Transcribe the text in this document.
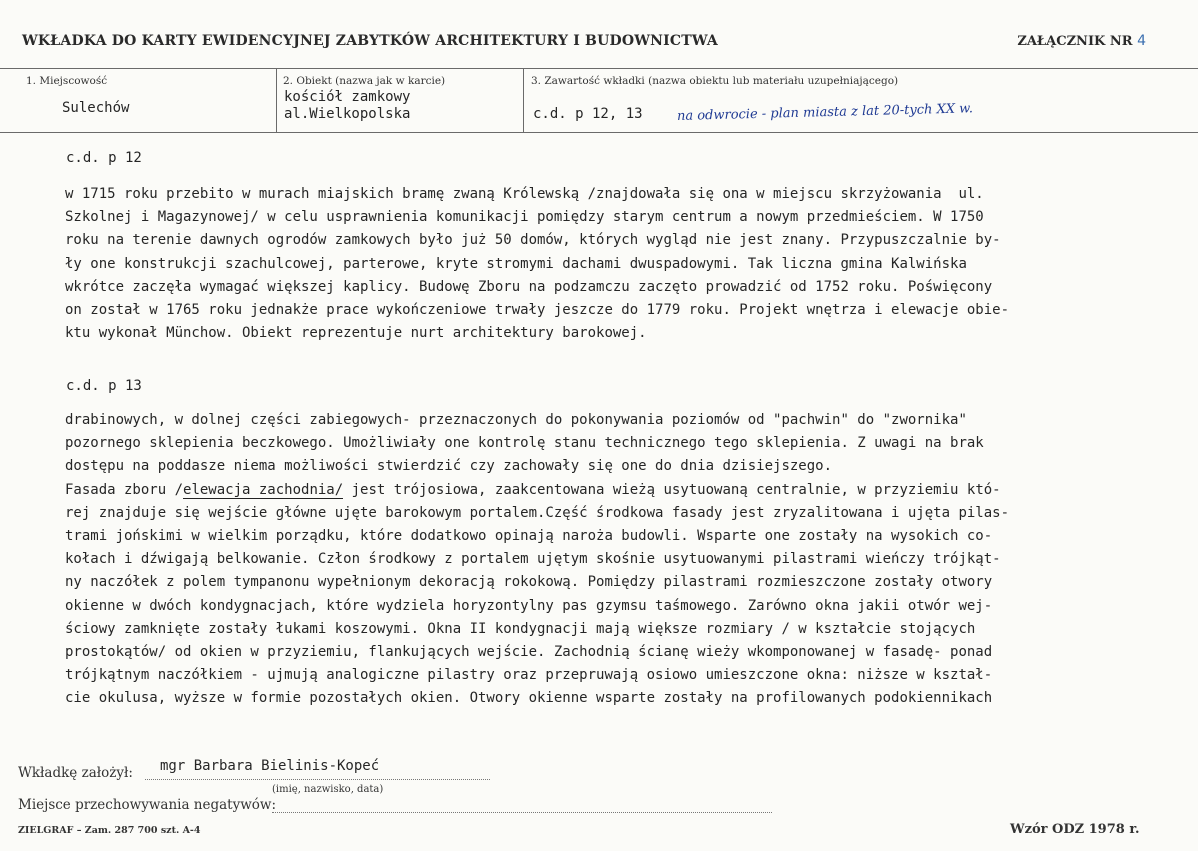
WKŁADKA DO KARTY EWIDENCYJNEJ ZABYTKÓW ARCHITEKTURY I BUDOWNICTWA	ZAŁĄCZNIK NR 4
1. Miejscowość
Sulechów
2. Obiekt (nazwa jak w karcie)
kościół zamkowy
al.Wielkopolska
3. Zawartość wkładki (nazwa obiektu lub materiału uzupełniającego)
c.d. p 12, 13	na odwrocie - plan miasta z lat 20-tych XX w.
c.d. p 12
w 1715 roku przebito w murach miajskich bramę zwaną Królewską /znajdowała się ona w miejscu skrzyżowania  ul.
Szkolnej i Magazynowej/ w celu usprawnienia komunikacji pomiędzy starym centrum a nowym przedmieściem. W 1750
roku na terenie dawnych ogrodów zamkowych było już 50 domów, których wygląd nie jest znany. Przypuszczalnie by-
ły one konstrukcji szachulcowej, parterowe, kryte stromymi dachami dwuspadowymi. Tak liczna gmina Kalwińska
wkrótce zaczęła wymagać większej kaplicy. Budowę Zboru na podzamczu zaczęto prowadzić od 1752 roku. Poświęcony
on został w 1765 roku jednakże prace wykończeniowe trwały jeszcze do 1779 roku. Projekt wnętrza i elewacje obie-
ktu wykonał Münchow. Obiekt reprezentuje nurt architektury barokowej.
c.d. p 13
drabinowych, w dolnej części zabiegowych- przeznaczonych do pokonywania poziomów od "pachwin" do "zwornika"
pozornego sklepienia beczkowego. Umożliwiały one kontrolę stanu technicznego tego sklepienia. Z uwagi na brak
dostępu na poddasze niema możliwości stwierdzić czy zachowały się one do dnia dzisiejszego.
Fasada zboru /elewacja zachodnia/ jest trójosiowa, zaakcentowana wieżą usytuowaną centralnie, w przyziemiu któ-
rej znajduje się wejście główne ujęte barokowym portalem.Część środkowa fasady jest zryzalitowana i ujęta pilas-
trami jońskimi w wielkim porządku, które dodatkowo opinają naroża budowli. Wsparte one zostały na wysokich co-
kołach i dźwigają belkowanie. Człon środkowy z portalem ujętym skośnie usytuowanymi pilastrami wieńczy trójkąt-
ny naczółek z polem tympanonu wypełnionym dekoracją rokokową. Pomiędzy pilastrami rozmieszczone zostały otwory
okienne w dwóch kondygnacjach, które wydziela horyzontylny pas gzymsu taśmowego. Zarówno okna jakii otwór wej-
ściowy zamknięte zostały łukami koszowymi. Okna II kondygnacji mają większe rozmiary / w kształcie stojących
prostokątów/ od okien w przyziemiu, flankujących wejście. Zachodnią ścianę wieży wkomponowanej w fasadę- ponad
trójkątnym naczółkiem - ujmują analogiczne pilastry oraz przepruwają osiowo umieszczone okna: niższe w kształ-
cie okulusa, wyższe w formie pozostałych okien. Otwory okienne wsparte zostały na profilowanych podokiennikach
Wkładkę założył: mgr Barbara Bielinis-Kopeć
(imię, nazwisko, data)
Miejsce przechowywania negatywów:
ZIELGRAF – Zam. 287 700 szt. A-4	Wzór ODZ 1978 r.
